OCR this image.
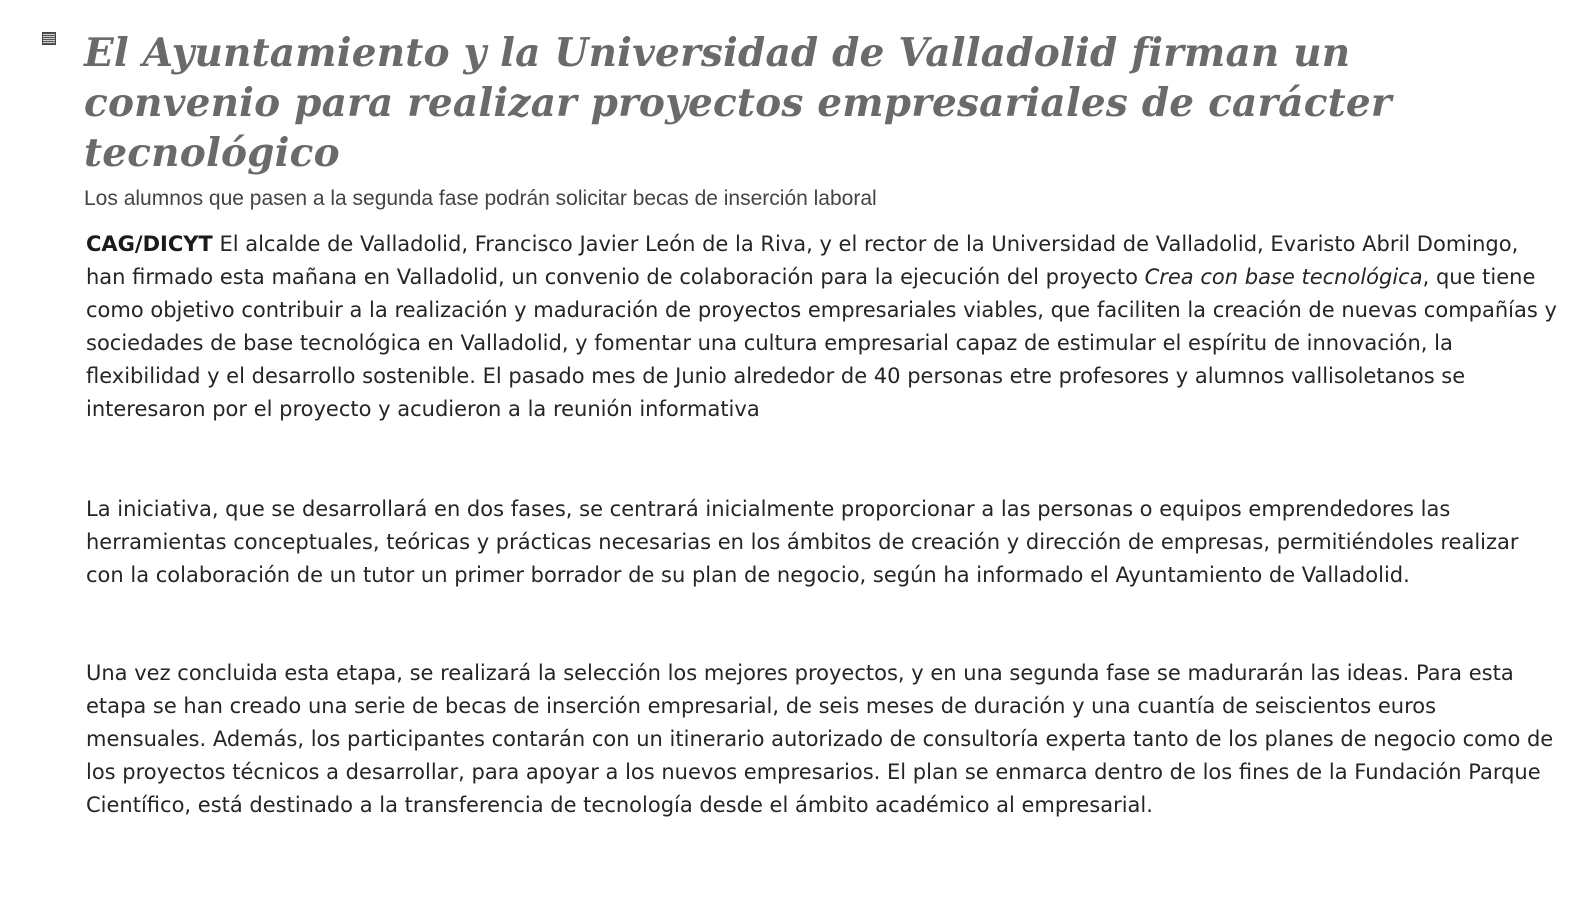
El Ayuntamiento y la Universidad de Valladolid firman un convenio para realizar proyectos empresariales de carácter tecnológico

Los alumnos que pasen a la segunda fase podrán solicitar becas de inserción laboral

CAG/DICYT El alcalde de Valladolid, Francisco Javier León de la Riva, y el rector de la Universidad de Valladolid, Evaristo Abril Domingo, han firmado esta mañana en Valladolid, un convenio de colaboración para la ejecución del proyecto Crea con base tecnológica, que tiene como objetivo contribuir a la realización y maduración de proyectos empresariales viables, que faciliten la creación de nuevas compañías y sociedades de base tecnológica en Valladolid, y fomentar una cultura empresarial capaz de estimular el espíritu de innovación, la flexibilidad y el desarrollo sostenible. El pasado mes de Junio alrededor de 40 personas etre profesores y alumnos vallisoletanos se interesaron por el proyecto y acudieron a la reunión informativa

La iniciativa, que se desarrollará en dos fases, se centrará inicialmente proporcionar a las personas o equipos emprendedores las herramientas conceptuales, teóricas y prácticas necesarias en los ámbitos de creación y dirección de empresas, permitiéndoles realizar con la colaboración de un tutor un primer borrador de su plan de negocio, según ha informado el Ayuntamiento de Valladolid.

Una vez concluida esta etapa, se realizará la selección los mejores proyectos, y en una segunda fase se madurarán las ideas. Para esta etapa se han creado una serie de becas de inserción empresarial, de seis meses de duración y una cuantía de seiscientos euros mensuales. Además, los participantes contarán con un itinerario autorizado de consultoría experta tanto de los planes de negocio como de los proyectos técnicos a desarrollar, para apoyar a los nuevos empresarios. El plan se enmarca dentro de los fines de la Fundación Parque Científico, está destinado a la transferencia de tecnología desde el ámbito académico al empresarial.
